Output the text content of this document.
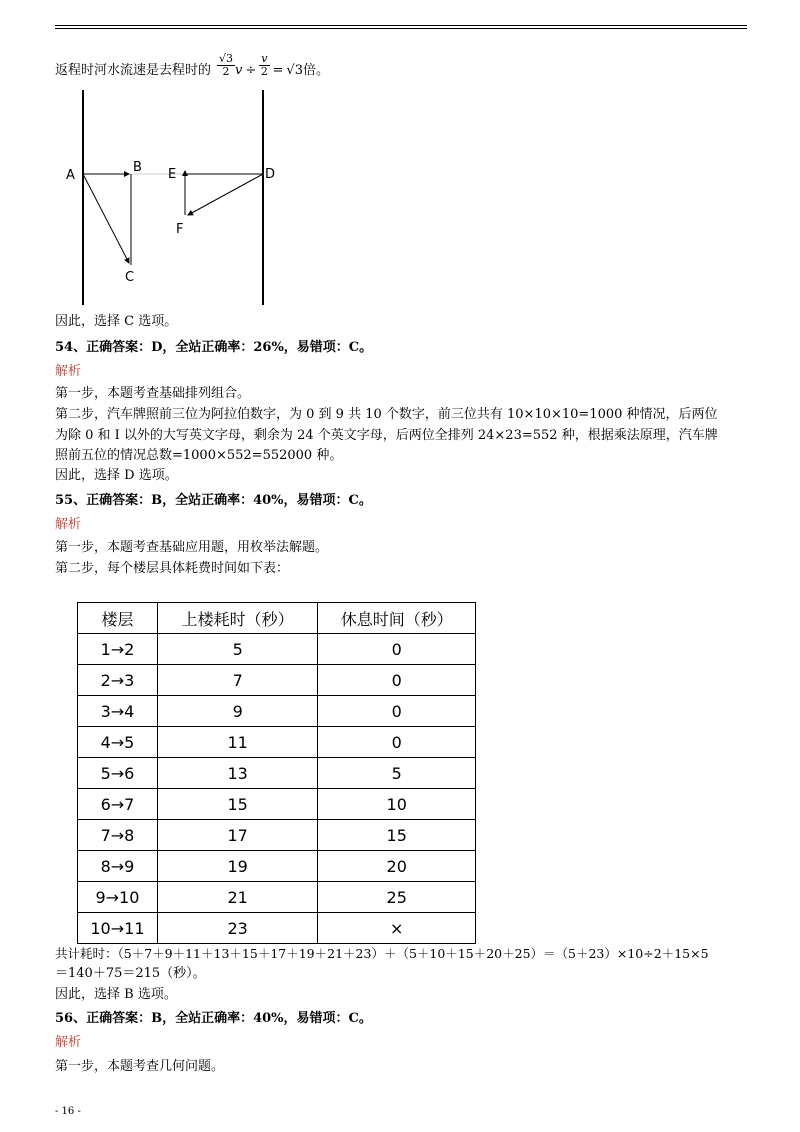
返程时河水流速是去程时的 $\frac{√3}{2}$ $v \div \frac{v}{2} = √3$ 倍。
A
B
C
D
E
F
因此，选择 C 选项。
54、正确答案：D，全站正确率：26%，易错项：C。
解析
第一步，本题考查基础排列组合。
第二步，汽车牌照前三位为阿拉伯数字，为 0 到 9 共 10 个数字，前三位共有 10×10×10=1000 种情况，后两位
为除 0 和 I 以外的大写英文字母，剩余为 24 个英文字母，后两位全排列 24×23=552 种，根据乘法原理，汽车牌
照前五位的情况总数=1000×552=552000 种。
因此，选择 D 选项。
55、正确答案：B，全站正确率：40%，易错项：C。
解析
第一步，本题考查基础应用题，用枚举法解题。
第二步，每个楼层具体耗费时间如下表：
楼层	上楼耗时（秒）	休息时间（秒）
1→2	5	0
2→3	7	0
3→4	9	0
4→5	11	0
5→6	13	5
6→7	15	10
7→8	17	15
8→9	19	20
9→10	21	25
10→11	23	×
共计耗时：（5＋7＋9＋11＋13＋15＋17＋19＋21＋23）＋（5＋10＋15＋20＋25）＝（5＋23）×10÷2＋15×5
＝140＋75＝215（秒）。
因此，选择 B 选项。
56、正确答案：B，全站正确率：40%，易错项：C。
解析
第一步，本题考查几何问题。
- 16 -
